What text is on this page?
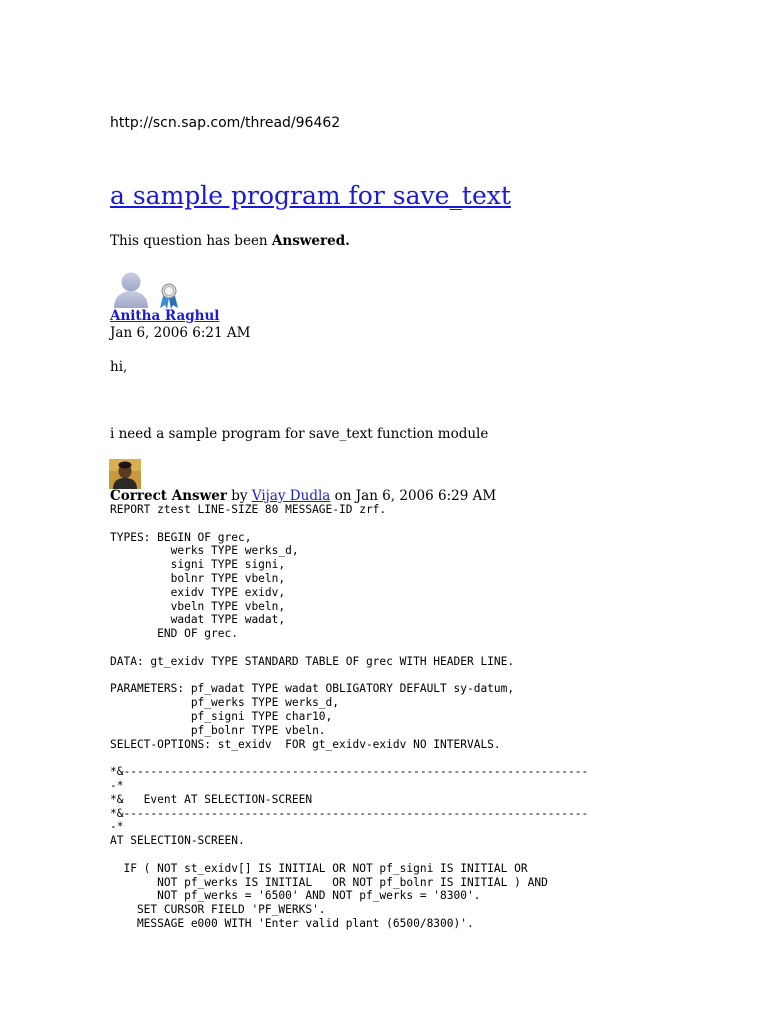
http://scn.sap.com/thread/96462
a sample program for save_text
This question has been Answered.
Anitha Raghul
Jan 6, 2006 6:21 AM
hi,
i need a sample program for save_text function module
Correct Answer by Vijay Dudla on Jan 6, 2006 6:29 AM
REPORT ztest LINE-SIZE 80 MESSAGE-ID zrf.

TYPES: BEGIN OF grec,
werks TYPE werks_d,
signi TYPE signi,
bolnr TYPE vbeln,
exidv TYPE exidv,
vbeln TYPE vbeln,
wadat TYPE wadat,
END OF grec.

DATA: gt_exidv TYPE STANDARD TABLE OF grec WITH HEADER LINE.

PARAMETERS: pf_wadat TYPE wadat OBLIGATORY DEFAULT sy-datum,
pf_werks TYPE werks_d,
pf_signi TYPE char10,
pf_bolnr TYPE vbeln.
SELECT-OPTIONS: st_exidv  FOR gt_exidv-exidv NO INTERVALS.

*&---------------------------------------------------------------------
-*
*&   Event AT SELECTION-SCREEN
*&---------------------------------------------------------------------
-*
AT SELECTION-SCREEN.

IF ( NOT st_exidv[] IS INITIAL OR NOT pf_signi IS INITIAL OR
NOT pf_werks IS INITIAL   OR NOT pf_bolnr IS INITIAL ) AND
NOT pf_werks = '6500' AND NOT pf_werks = '8300'.
SET CURSOR FIELD 'PF_WERKS'.
MESSAGE e000 WITH 'Enter valid plant (6500/8300)'.
